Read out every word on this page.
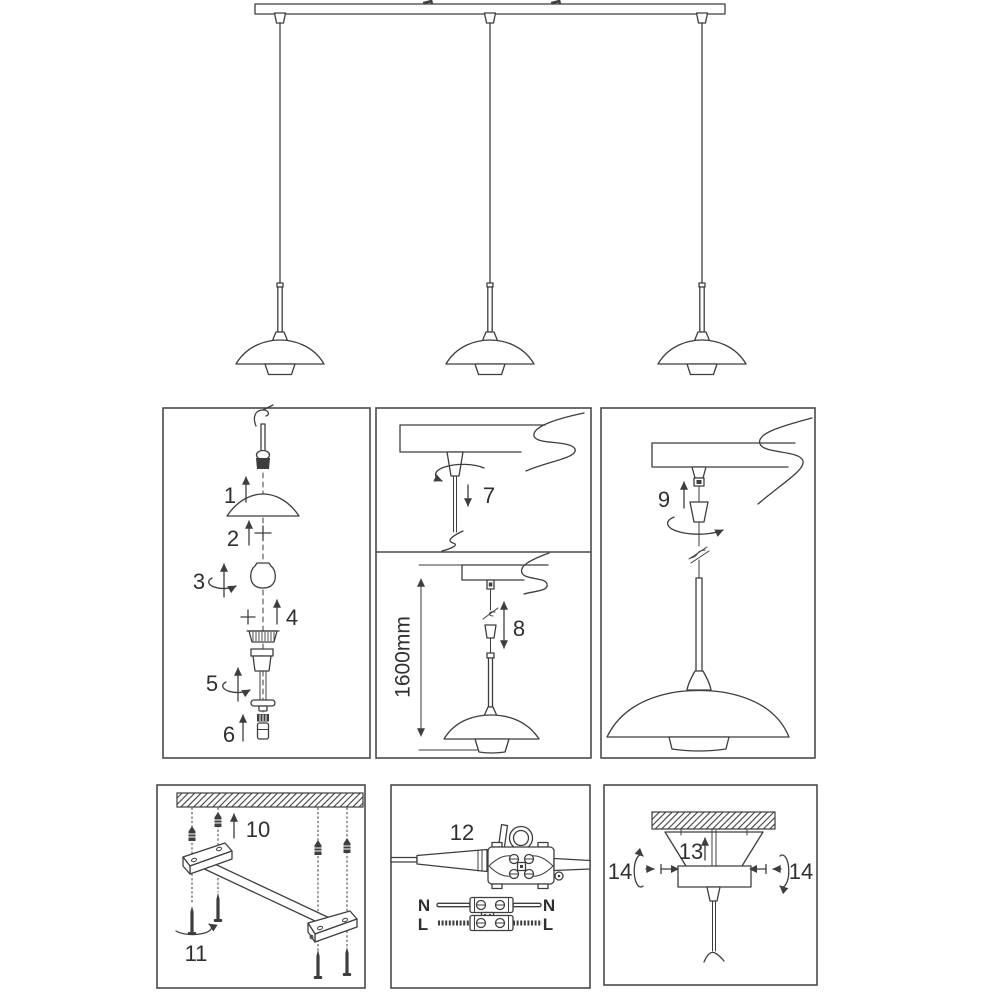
1
2
3
4
5
6
7
1600mm	8
9
10
11
12
N	N
L	L
14	14
13
